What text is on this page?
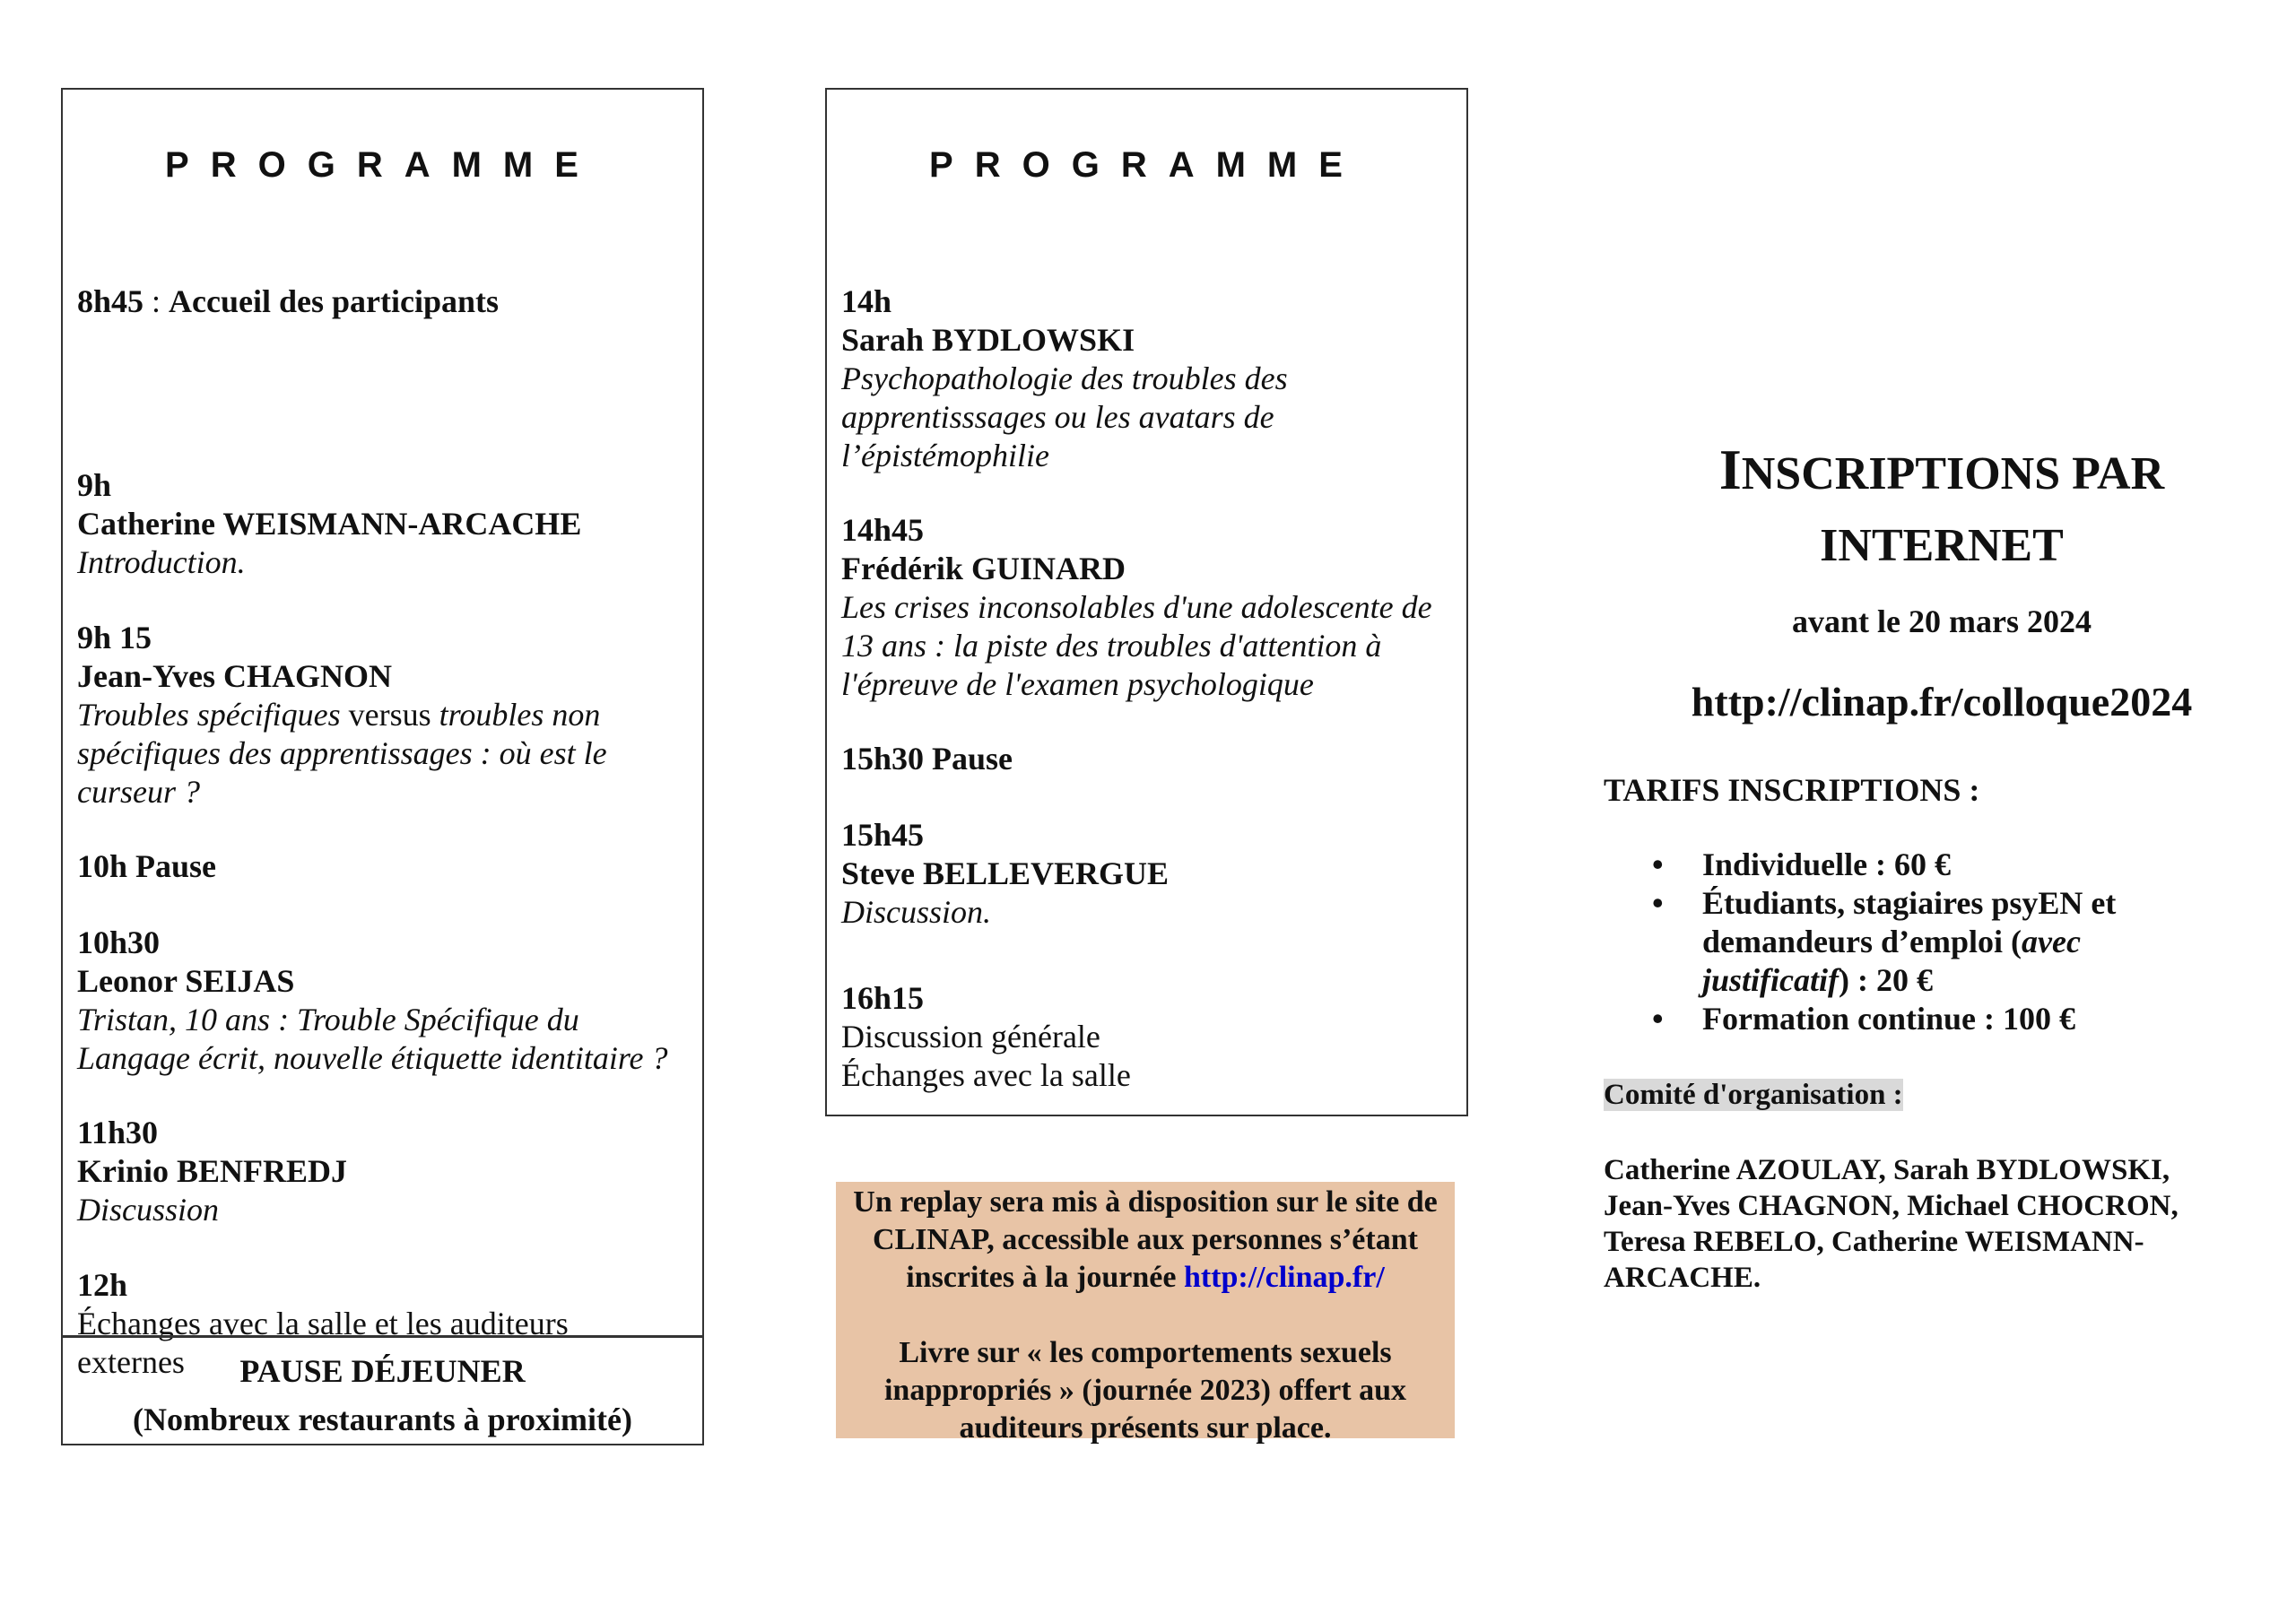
PROGRAMME
8h45 : Accueil des participants
9h
Catherine WEISMANN-ARCACHE
Introduction.
9h 15
Jean-Yves CHAGNON
Troubles spécifiques versus troubles non
spécifiques des apprentissages : où est le
curseur ?
10h Pause
10h30
Leonor SEIJAS
Tristan, 10 ans : Trouble Spécifique du
Langage écrit, nouvelle étiquette identitaire ?
11h30
Krinio BENFREDJ
Discussion
12h
Échanges avec la salle et les auditeurs
externes	PAUSE DÉJEUNER
(Nombreux restaurants à proximité)
PROGRAMME
14h
Sarah BYDLOWSKI
Psychopathologie des troubles des
apprentisssages ou les avatars de
l’épistémophilie
14h45
Frédérik GUINARD
Les crises inconsolables d'une adolescente de
13 ans : la piste des troubles d'attention à
l'épreuve de l'examen psychologique
15h30 Pause
15h45
Steve BELLEVERGUE
Discussion.
16h15
Discussion générale
Échanges avec la salle
Un replay sera mis à disposition sur le site de
CLINAP, accessible aux personnes s’étant
inscrites à la journée http://clinap.fr/
Livre sur « les comportements sexuels
inappropriés » (journée 2023) offert aux
auditeurs présents sur place.
INSCRIPTIONS PAR
INTERNET
avant le 20 mars 2024
http://clinap.fr/colloque2024
TARIFS INSCRIPTIONS :
• Individuelle : 60 €
• Étudiants, stagiaires psyEN et
demandeurs d’emploi (avec
justificatif) : 20 €
• Formation continue : 100 €
Comité d'organisation :
Catherine AZOULAY, Sarah BYDLOWSKI,
Jean-Yves CHAGNON, Michael CHOCRON,
Teresa REBELO, Catherine WEISMANN-
ARCACHE.
